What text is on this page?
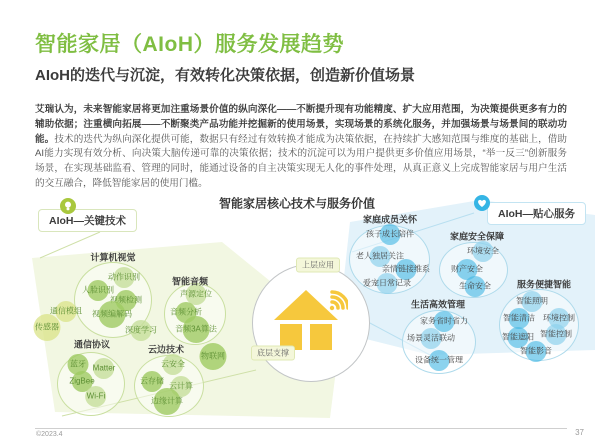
智能家居（AIoH）服务发展趋势
AIoH的迭代与沉淀，有效转化决策依据，创造新价值场景

艾瑞认为，未来智能家居将更加注重场景价值的纵向深化——不断提升现有功能精度、扩大应用范围，为决策提供更多有力的辅助依据；注重横向拓展——不断聚类产品功能并挖掘新的使用场景，实现场景的系统化服务，并加强场景与场景间的联动功能。技术的迭代为纵向深化提供可能，数据只有经过有效转换才能成为决策依据，在持续扩大感知范围与维度的基础上，借助AI能力实现有效分析、向决策大脑传递可靠的决策依据；技术的沉淀可以为用户提供更多价值应用场景，“举一反三”创新服务场景，在实现基础监看、管理的同时，能通过设备的自主决策实现无人化的事件处理，从真正意义上完成智能家居与用户生活的交互融合，降低智能家居的使用门槛。

智能家居核心技术与服务价值
AIoH—关键技术
AIoH—贴心服务
上层应用
底层支撑
计算机视觉
智能音频
通信协议	云边技术
动作识别
人脸识别
视频检测
视频编解码
声源定位
音频分析
音频3A算法
蓝牙 Matter
ZigBee
Wi-Fi
云安全
云存储
云计算
边缘计算
通信模组
传感器	深度学习
物联网
家庭成员关怀
家庭安全保障
生活高效管理
服务便捷智能
孩子成长陪伴
老人独居关注
亲情链接维系
爱宠日常记录
环境安全
财产安全
生命安全
家务省时省力
场景灵活联动
设备统一管理
智能照明
智能清洁 环境控制
智能遮阳 智能控制
智能影音
©2023.4	37
